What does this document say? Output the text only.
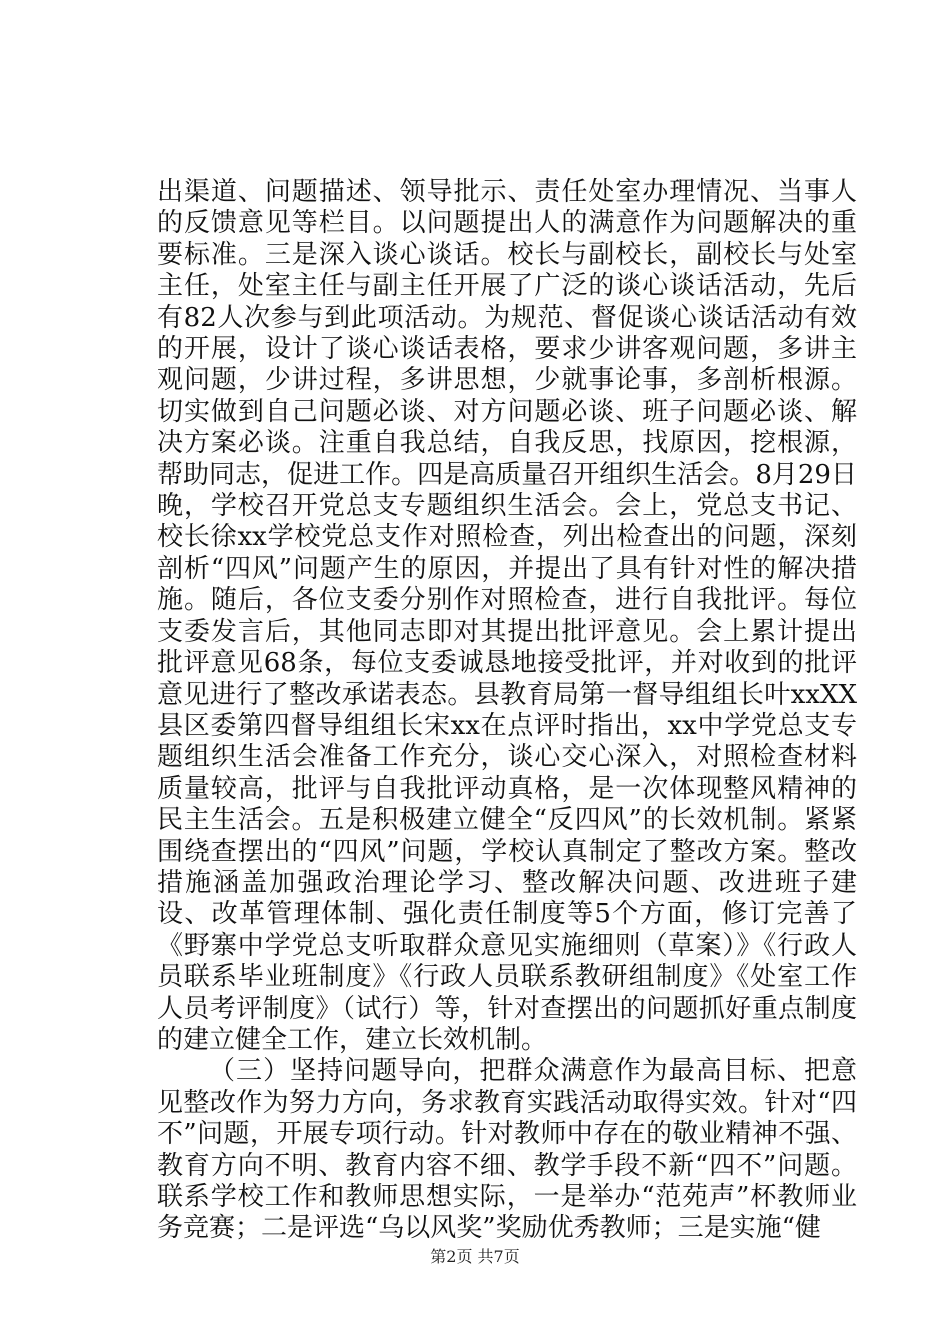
出渠道、问题描述、领导批示、责任处室办理情况、当事人的反馈意见等栏目。以问题提出人的满意作为问题解决的重要标准。三是深入谈心谈话。校长与副校长，副校长与处室主任，处室主任与副主任开展了广泛的谈心谈话活动，先后有82人次参与到此项活动。为规范、督促谈心谈话活动有效的开展，设计了谈心谈话表格，要求少讲客观问题，多讲主观问题，少讲过程，多讲思想，少就事论事，多剖析根源。切实做到自己问题必谈、对方问题必谈、班子问题必谈、解决方案必谈。注重自我总结，自我反思，找原因，挖根源，帮助同志，促进工作。四是高质量召开组织生活会。8月29日晚，学校召开党总支专题组织生活会。会上，党总支书记、校长徐xx学校党总支作对照检查，列出检查出的问题，深刻剖析“四风”问题产生的原因，并提出了具有针对性的解决措施。随后，各位支委分别作对照检查，进行自我批评。每位支委发言后，其他同志即对其提出批评意见。会上累计提出批评意见68条，每位支委诚恳地接受批评，并对收到的批评意见进行了整改承诺表态。县教育局第一督导组组长叶xxXX县区委第四督导组组长宋xx在点评时指出，xx中学党总支专题组织生活会准备工作充分，谈心交心深入，对照检查材料质量较高，批评与自我批评动真格，是一次体现整风精神的民主生活会。五是积极建立健全“反四风”的长效机制。紧紧围绕查摆出的“四风”问题，学校认真制定了整改方案。整改措施涵盖加强政治理论学习、整改解决问题、改进班子建设、改革管理体制、强化责任制度等5个方面，修订完善了《野寨中学党总支听取群众意见实施细则（草案）》《行政人员联系毕业班制度》《行政人员联系教研组制度》《处室工作人员考评制度》（试行）等，针对查摆出的问题抓好重点制度的建立健全工作，建立长效机制。

（三）坚持问题导向，把群众满意作为最高目标、把意见整改作为努力方向，务求教育实践活动取得实效。针对“四不”问题，开展专项行动。针对教师中存在的敬业精神不强、教育方向不明、教育内容不细、教学手段不新“四不”问题。联系学校工作和教师思想实际，一是举办“范苑声”杯教师业务竞赛；二是评选“乌以风奖”奖励优秀教师；三是实施“健

第2页 共7页
